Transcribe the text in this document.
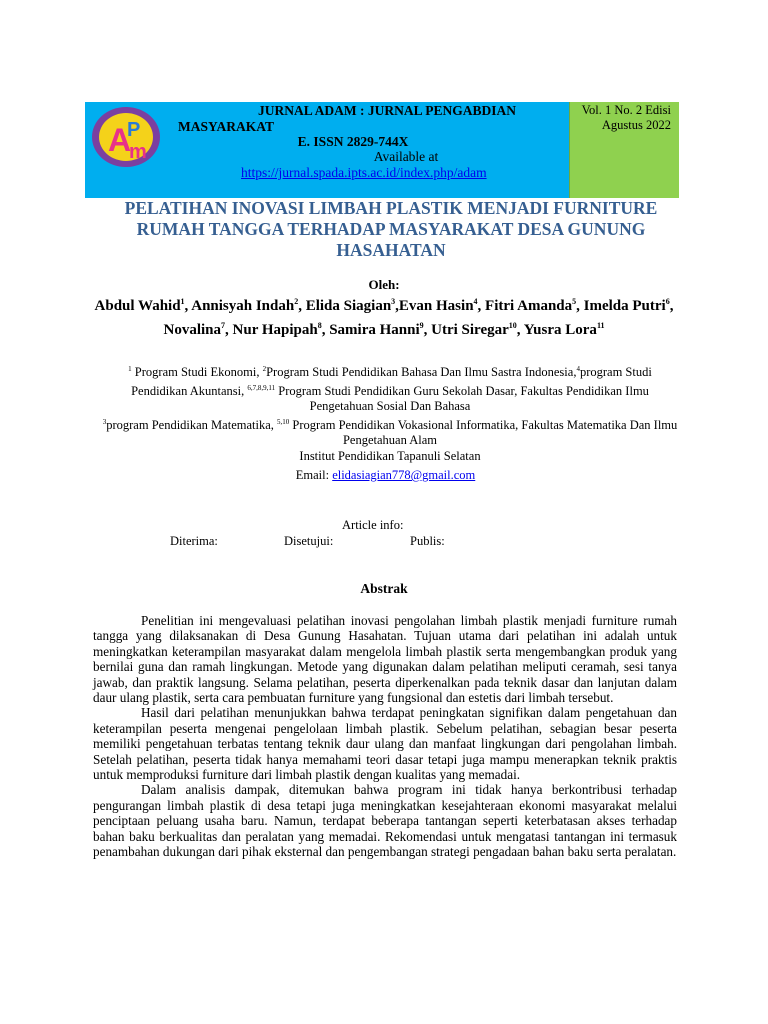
A
P
m
JURNAL ADAM : JURNAL PENGABDIAN
MASYARAKAT
E. ISSN 2829-744X
Available at
https://jurnal.spada.ipts.ac.id/index.php/adam
Vol. 1 No. 2 Edisi
Agustus 2022
PELATIHAN INOVASI LIMBAH PLASTIK MENJADI FURNITURE
RUMAH TANGGA TERHADAP MASYARAKAT DESA GUNUNG
HASAHATAN
Oleh:
Abdul Wahid$^1$, Annisyah Indah$^2$, Elida Siagian$^3$,Evan Hasin$^4$, Fitri Amanda$^5$, Imelda Putri$^6$, Novalina$^7$, Nur Hapipah$^8$, Samira Hanni$^9$, Utri Siregar$^{10}$, Yusra Lora$^{11}$
$^1$ Program Studi Ekonomi, $^2$Program Studi Pendidikan Bahasa Dan Ilmu Sastra Indonesia,$^4$program Studi Pendidikan Akuntansi, $^{6,7,8,9,11}$ Program Studi Pendidikan Guru Sekolah Dasar, Fakultas Pendidikan Ilmu Pengetahuan Sosial Dan Bahasa
$^3$program Pendidikan Matematika, $^{5,10}$ Program Pendidikan Vokasional Informatika, Fakultas Matematika Dan Ilmu Pengetahuan Alam
Institut Pendidikan Tapanuli Selatan
Email: elidasiagian778@gmail.com
Article info:
Diterima:	Disetujui:	Publis:
Abstrak

Penelitian ini mengevaluasi pelatihan inovasi pengolahan limbah plastik menjadi furniture rumah tangga yang dilaksanakan di Desa Gunung Hasahatan. Tujuan utama dari pelatihan ini adalah untuk meningkatkan keterampilan masyarakat dalam mengelola limbah plastik serta mengembangkan produk yang bernilai guna dan ramah lingkungan. Metode yang digunakan dalam pelatihan meliputi ceramah, sesi tanya jawab, dan praktik langsung. Selama pelatihan, peserta diperkenalkan pada teknik dasar dan lanjutan dalam daur ulang plastik, serta cara pembuatan furniture yang fungsional dan estetis dari limbah tersebut.

Hasil dari pelatihan menunjukkan bahwa terdapat peningkatan signifikan dalam pengetahuan dan keterampilan peserta mengenai pengelolaan limbah plastik. Sebelum pelatihan, sebagian besar peserta memiliki pengetahuan terbatas tentang teknik daur ulang dan manfaat lingkungan dari pengolahan limbah. Setelah pelatihan, peserta tidak hanya memahami teori dasar tetapi juga mampu menerapkan teknik praktis untuk memproduksi furniture dari limbah plastik dengan kualitas yang memadai.

Dalam analisis dampak, ditemukan bahwa program ini tidak hanya berkontribusi terhadap pengurangan limbah plastik di desa tetapi juga meningkatkan kesejahteraan ekonomi masyarakat melalui penciptaan peluang usaha baru. Namun, terdapat beberapa tantangan seperti keterbatasan akses terhadap bahan baku berkualitas dan peralatan yang memadai. Rekomendasi untuk mengatasi tantangan ini termasuk penambahan dukungan dari pihak eksternal dan pengembangan strategi pengadaan bahan baku serta peralatan.
